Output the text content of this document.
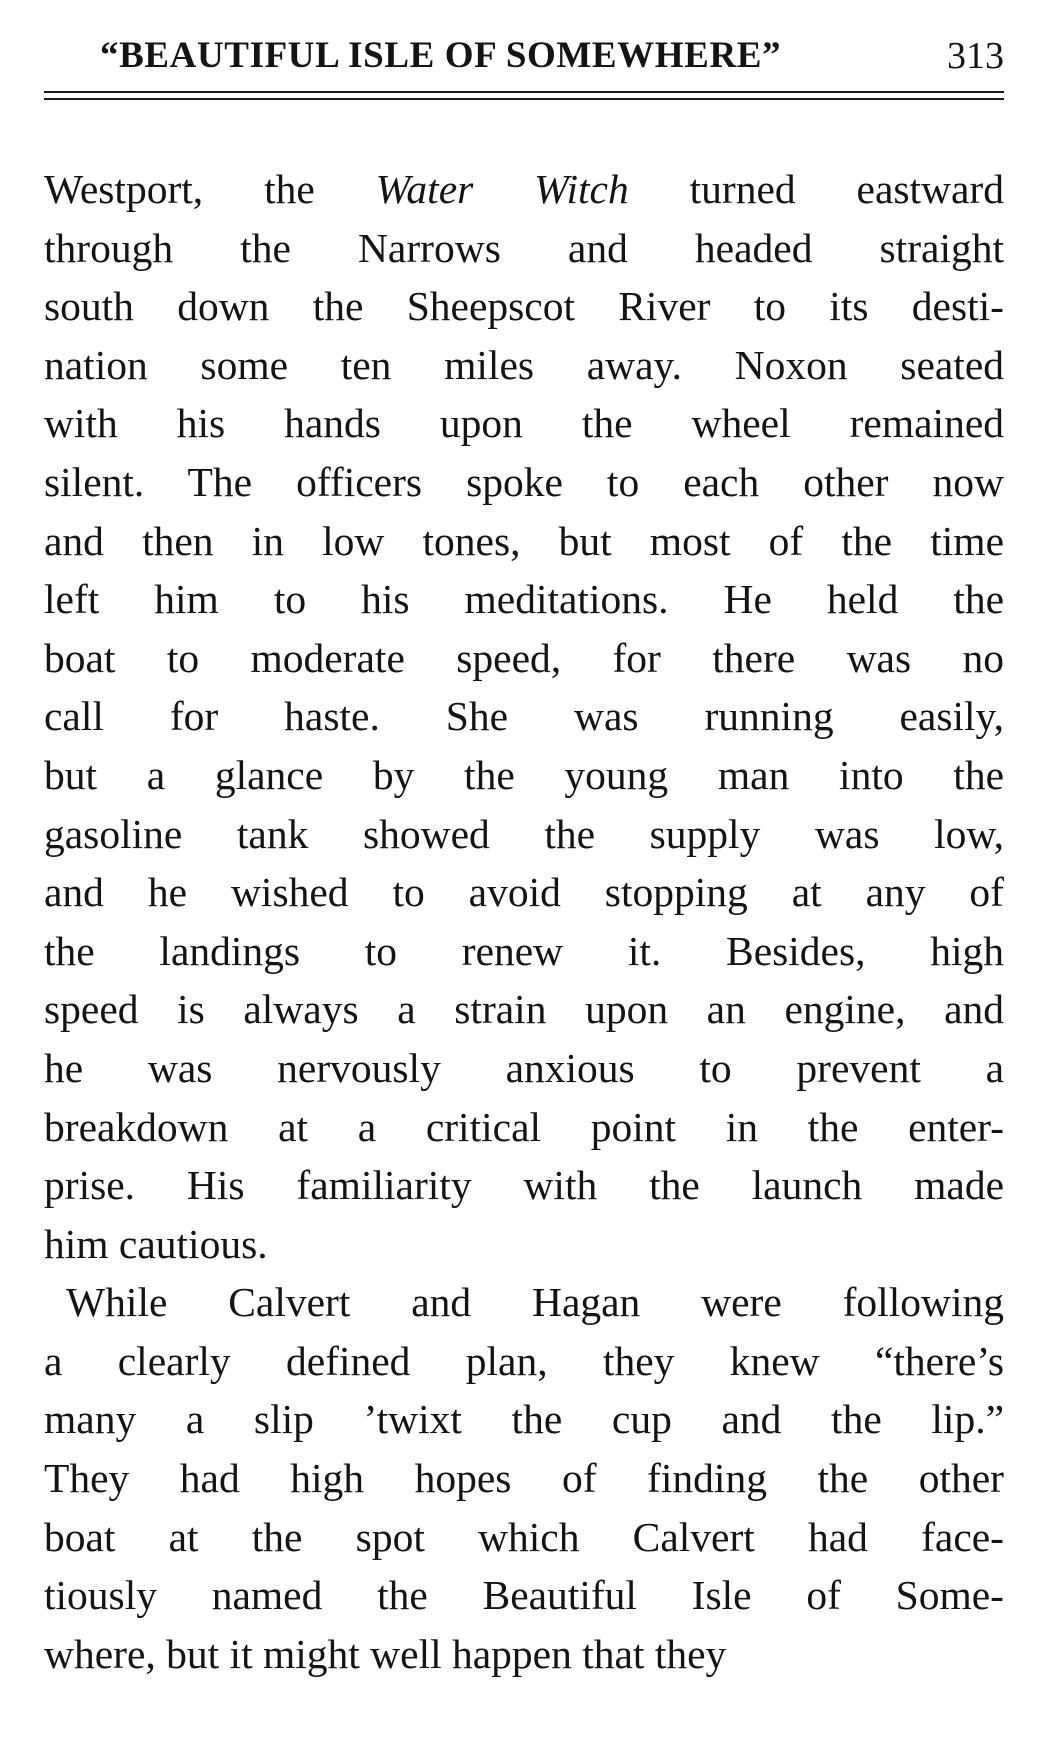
“BEAUTIFUL ISLE OF SOMEWHERE”	313
Westport, the Water Witch turned eastward
through the Narrows and headed straight
south down the Sheepscot River to its desti-
nation some ten miles away. Noxon seated
with his hands upon the wheel remained
silent. The officers spoke to each other now
and then in low tones, but most of the time
left him to his meditations. He held the
boat to moderate speed, for there was no
call for haste. She was running easily,
but a glance by the young man into the
gasoline tank showed the supply was low,
and he wished to avoid stopping at any of
the landings to renew it. Besides, high
speed is always a strain upon an engine, and
he was nervously anxious to prevent a
breakdown at a critical point in the enter-
prise. His familiarity with the launch made
him cautious.
While Calvert and Hagan were following
a clearly defined plan, they knew “there’s
many a slip ’twixt the cup and the lip.”
They had high hopes of finding the other
boat at the spot which Calvert had face-
tiously named the Beautiful Isle of Some-
where, but it might well happen that they
